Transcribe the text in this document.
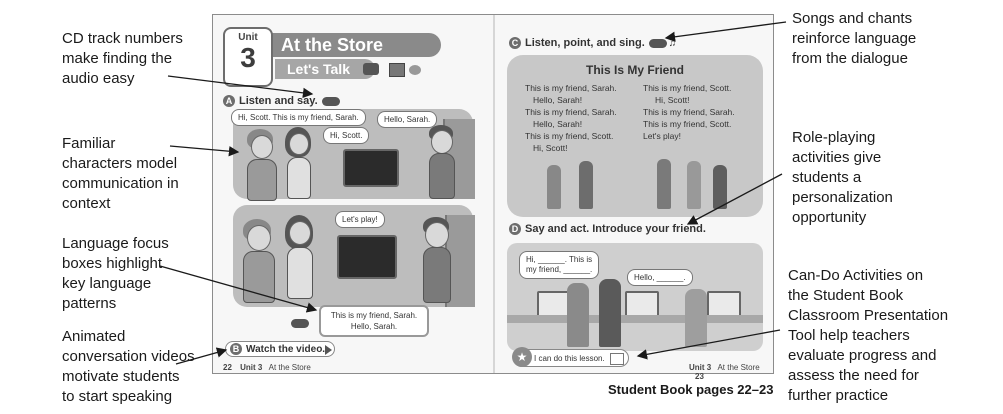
CD track numbers
make finding the
audio easy
Familiar
characters model
communication in
context
Language focus
boxes highlight
key language
patterns
Animated
conversation videos
motivate students
to start speaking
Songs and chants
reinforce language
from the dialogue
Role-playing
activities give
students a
personalization
opportunity
Can-Do Activities on
the Student Book
Classroom Presentation
Tool help teachers
evaluate progress and
assess the need for
further practice
At the Store
Let's Talk
Unit
3
A Listen and say.
Hi, Scott. This is my friend, Sarah.	Hello, Sarah.
Hi, Scott.
Let's play!
This is my friend, Sarah.
Hello, Sarah.
B Watch the video.
22 Unit 3 At the Store
C Listen, point, and sing. ♫
This Is My Friend
This is my friend, Sarah.
Hello, Sarah!
This is my friend, Sarah.
Hello, Sarah!
This is my friend, Scott.
Hi, Scott!
This is my friend, Scott.
Hi, Scott!
This is my friend, Sarah.
This is my friend, Scott.
Let's play!
D Say and act. Introduce your friend.
Hi, ______. This is
my friend, ______.
Hello, ______.
★ I can do this lesson.
Unit 3 At the Store 23
Student Book pages 22–23
